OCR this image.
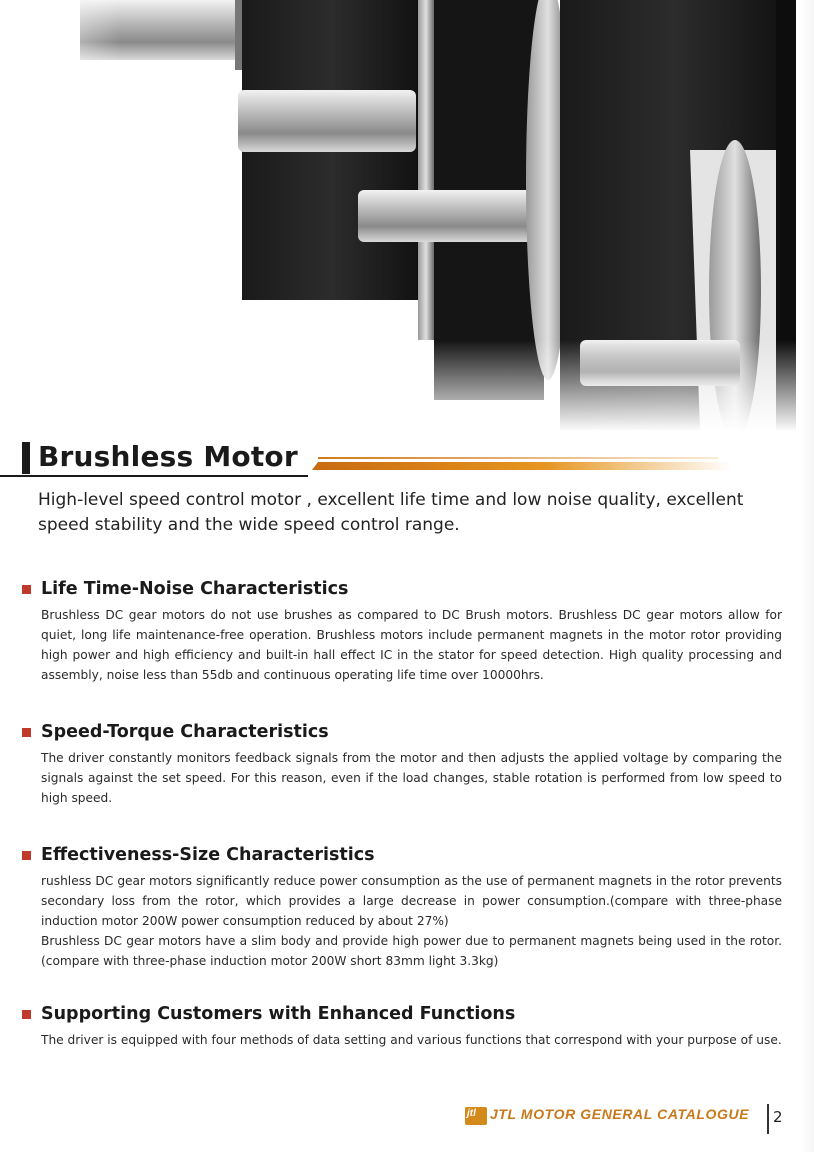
Brushless Motor
High-level speed control motor , excellent life time and low noise quality, excellent speed stability and the wide speed control range.
Life Time-Noise Characteristics

Brushless DC gear motors do not use brushes as compared to DC Brush motors. Brushless DC gear motors allow for quiet, long life maintenance-free operation. Brushless motors include permanent magnets in the motor rotor providing high power and high efficiency and built-in hall effect IC in the stator for speed detection. High quality processing and assembly, noise less than 55db and continuous operating life time over 10000hrs.

Speed-Torque Characteristics

The driver constantly monitors feedback signals from the motor and then adjusts the applied voltage by comparing the signals against the set speed. For this reason, even if the load changes, stable rotation is performed from low speed to high speed.

Effectiveness-Size Characteristics

rushless DC gear motors significantly reduce power consumption as the use of permanent magnets in the rotor prevents secondary loss from the rotor, which provides a large decrease in power consumption.(compare with three-phase induction motor 200W power consumption reduced by about 27%)

Brushless DC gear motors have a slim body and provide high power due to permanent magnets being used in the rotor. (compare with three-phase induction motor 200W short 83mm light 3.3kg)

Supporting Customers with Enhanced Functions

The driver is equipped with four methods of data setting and various functions that correspond with your purpose of use.

jtl JTL MOTOR GENERAL CATALOGUE 2
